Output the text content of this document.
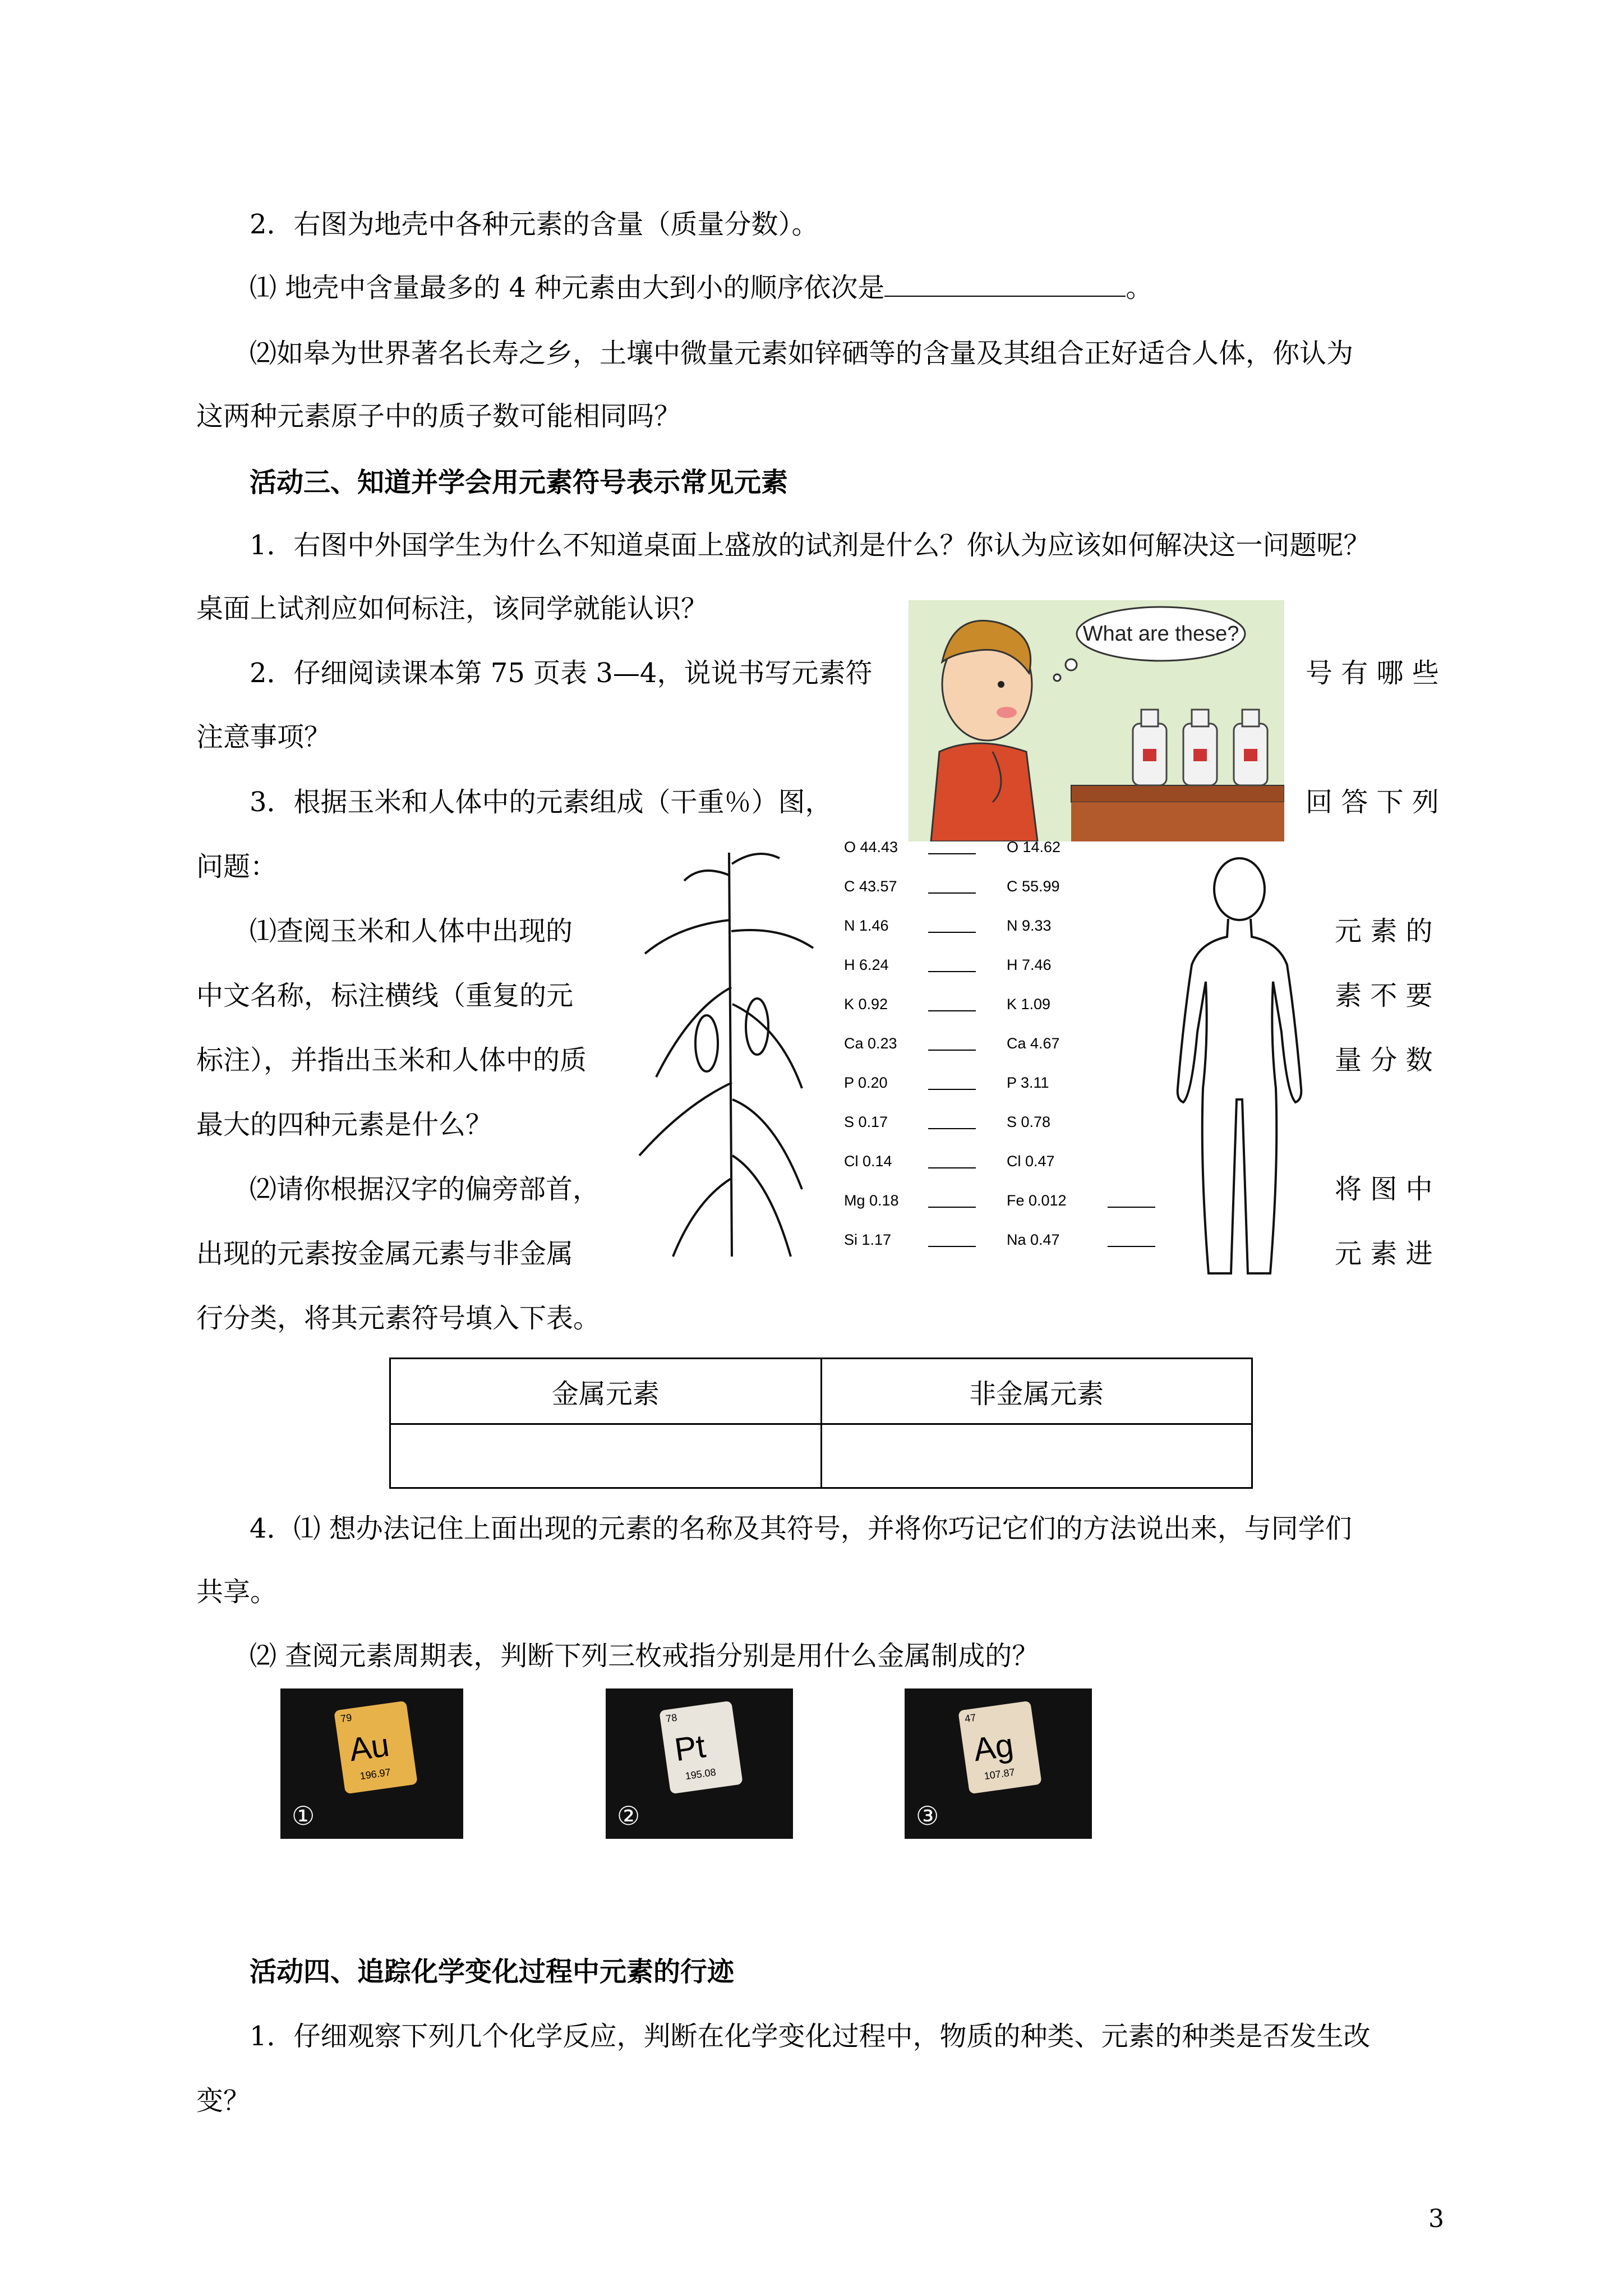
2．右图为地壳中各种元素的含量（质量分数）。
⑴ 地壳中含量最多的 4 种元素由大到小的顺序依次是	。
⑵如皋为世界著名长寿之乡，土壤中微量元素如锌硒等的含量及其组合正好适合人体，你认为
这两种元素原子中的质子数可能相同吗？
活动三、知道并学会用元素符号表示常见元素
1．右图中外国学生为什么不知道桌面上盛放的试剂是什么？你认为应该如何解决这一问题呢？
桌面上试剂应如何标注，该同学就能认识？
2．仔细阅读课本第 75 页表 3—4，说说书写元素符	号 有 哪 些
注意事项？
3．根据玉米和人体中的元素组成（干重％）图，	回 答 下 列
问题：
⑴查阅玉米和人体中出现的	元 素 的
中文名称，标注横线（重复的元	素 不 要
标注），并指出玉米和人体中的质	量 分 数
最大的四种元素是什么？
⑵请你根据汉字的偏旁部首，	将 图 中
出现的元素按金属元素与非金属	元 素 进
行分类，将其元素符号填入下表。
What are these?
O 44.43
C 43.57
N 1.46
H 6.24
K 0.92
Ca 0.23
P 0.20
S 0.17
Cl 0.14
Mg 0.18
Si 1.17
O 14.62
C 55.99
N 9.33
H 7.46
K 1.09
Ca 4.67
P 3.11
S 0.78
Cl 0.47
Fe 0.012
Na 0.47
金属元素	非金属元素

4．⑴ 想办法记住上面出现的元素的名称及其符号，并将你巧记它们的方法说出来，与同学们
共享。
⑵ 查阅元素周期表，判断下列三枚戒指分别是用什么金属制成的？
79
Au
196.97
①
78
Pt
195.08
②
47
Ag
107.87
③
活动四、追踪化学变化过程中元素的行迹
1．仔细观察下列几个化学反应，判断在化学变化过程中，物质的种类、元素的种类是否发生改
变？
3
